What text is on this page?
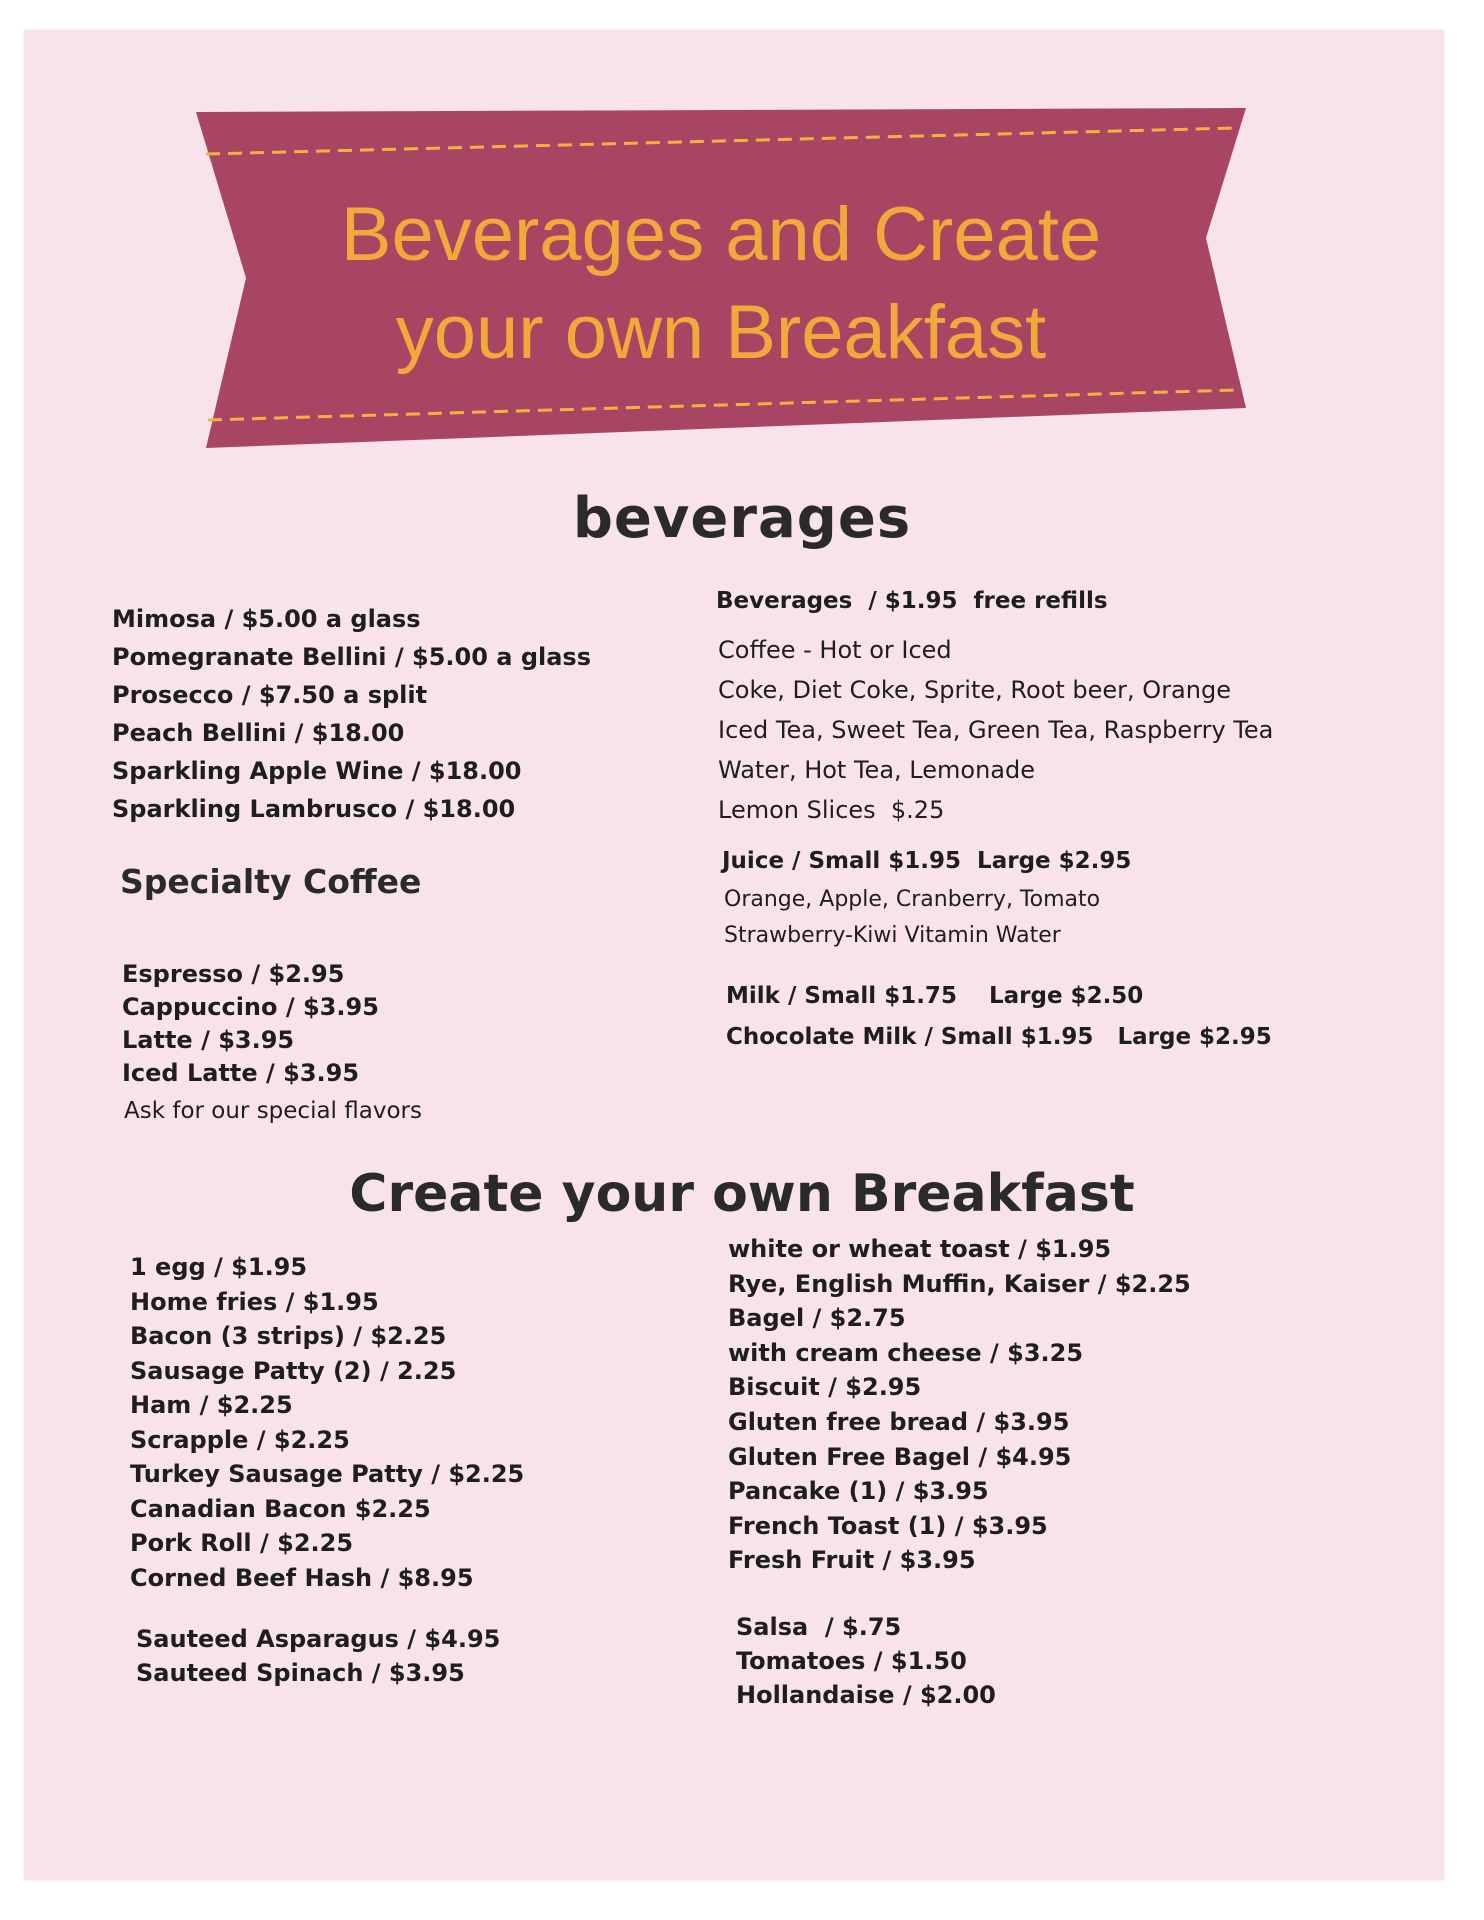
Beverages and Create
your own Breakfast
beverages
Mimosa / $5.00 a glass
Pomegranate Bellini / $5.00 a glass
Prosecco / $7.50 a split
Peach Bellini / $18.00
Sparkling Apple Wine / $18.00
Sparkling Lambrusco / $18.00
Specialty Coffee
Espresso / $2.95
Cappuccino / $3.95
Latte / $3.95
Iced Latte / $3.95
Ask for our special flavors
Beverages  / $1.95  free refills
Coffee - Hot or Iced
Coke, Diet Coke, Sprite, Root beer, Orange
Iced Tea, Sweet Tea, Green Tea, Raspberry Tea
Water, Hot Tea, Lemonade
Lemon Slices  $.25
Juice / Small $1.95  Large $2.95
Orange, Apple, Cranberry, Tomato
Strawberry-Kiwi Vitamin Water
Milk / Small $1.75    Large $2.50
Chocolate Milk / Small $1.95   Large $2.95
Create your own Breakfast
1 egg / $1.95
Home fries / $1.95
Bacon (3 strips) / $2.25
Sausage Patty (2) / 2.25
Ham / $2.25
Scrapple / $2.25
Turkey Sausage Patty / $2.25
Canadian Bacon $2.25
Pork Roll / $2.25
Corned Beef Hash / $8.95
Sauteed Asparagus / $4.95
Sauteed Spinach / $3.95
white or wheat toast / $1.95
Rye, English Muffin, Kaiser / $2.25
Bagel / $2.75
with cream cheese / $3.25
Biscuit / $2.95
Gluten free bread / $3.95
Gluten Free Bagel / $4.95
Pancake (1) / $3.95
French Toast (1) / $3.95
Fresh Fruit / $3.95
Salsa  / $.75
Tomatoes / $1.50
Hollandaise / $2.00
